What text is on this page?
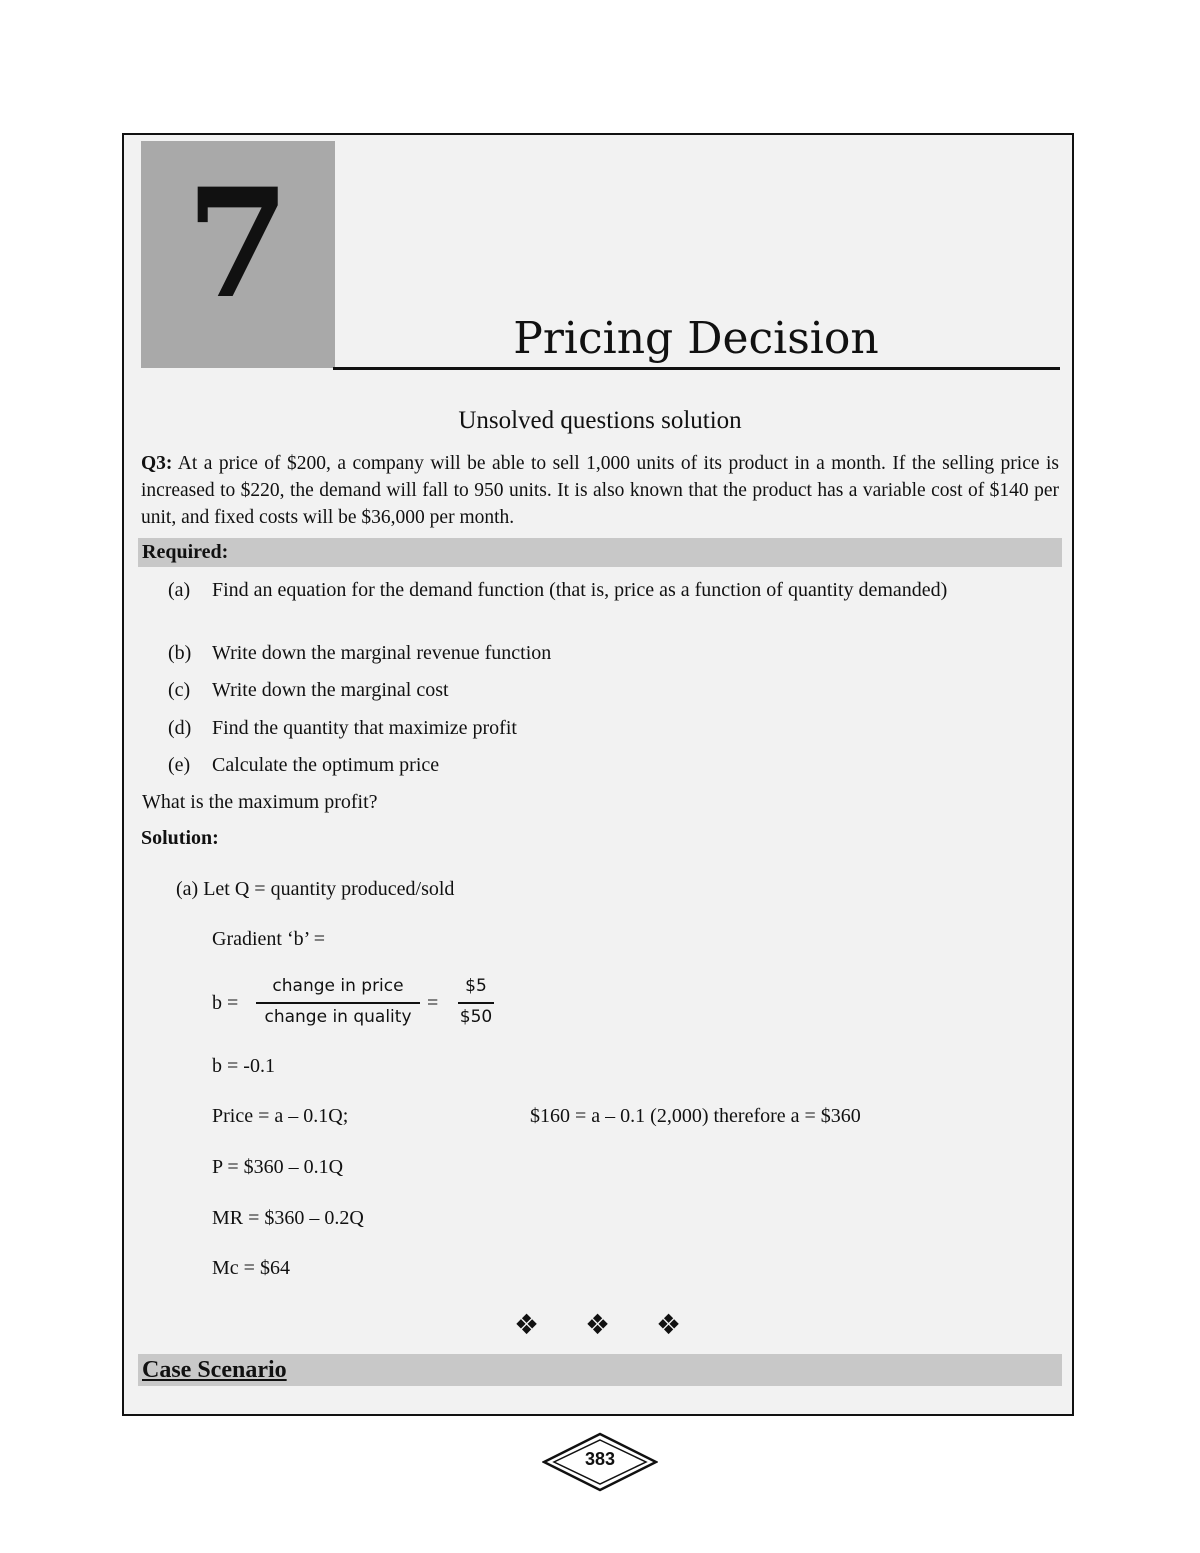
7
Pricing Decision
Unsolved questions solution
Q3: At a price of $200, a company will be able to sell 1,000 units of its product in a month. If the selling price is increased to $220, the demand will fall to 950 units. It is also known that the product has a variable cost of $140 per unit, and fixed costs will be $36,000 per month.
Required:
(a) Find an equation for the demand function (that is, price as a function of quantity demanded)
(b) Write down the marginal revenue function
(c) Write down the marginal cost
(d) Find the quantity that maximize profit
(e) Calculate the optimum price
What is the maximum profit?
Solution:
(a) Let Q = quantity produced/sold
Gradient ‘b’ =
b =
change in price
change in quality
=
$5
$50
b = -0.1
Price = a – 0.1Q;	$160 = a – 0.1 (2,000) therefore a = $360
P = $360 – 0.1Q
MR = $360 – 0.2Q
Mc = $64
❖ ❖ ❖
Case Scenario
383
